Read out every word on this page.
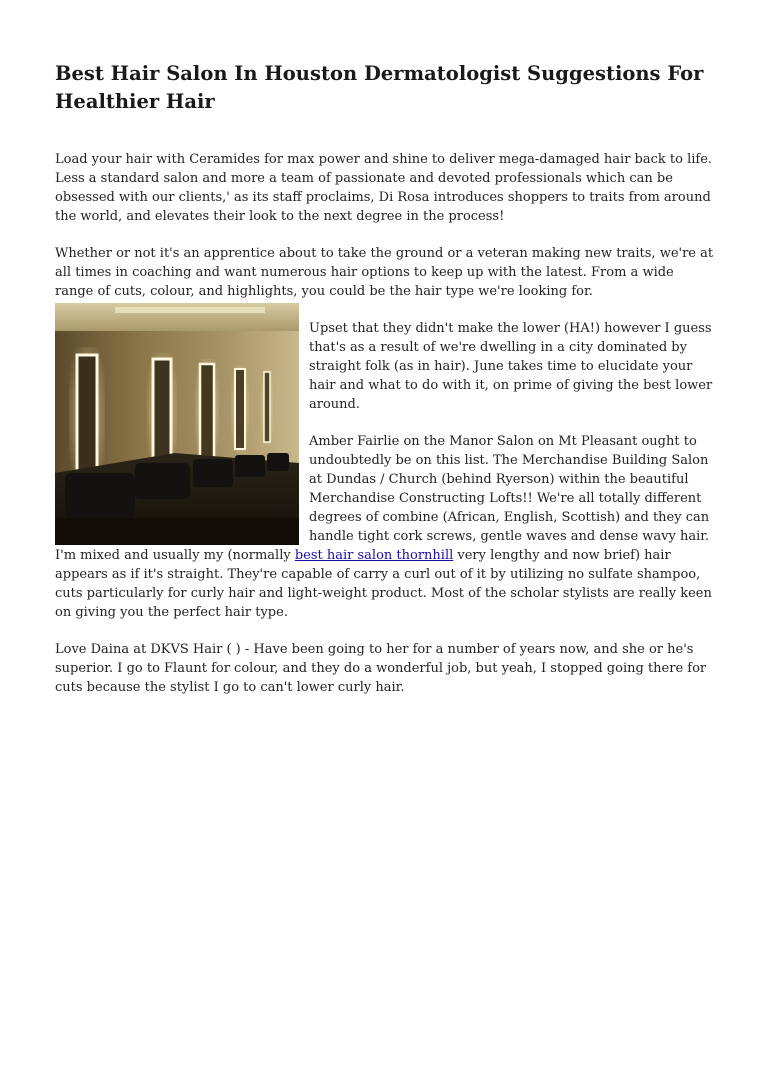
Best Hair Salon In Houston Dermatologist Suggestions For Healthier Hair

Load your hair with Ceramides for max power and shine to deliver mega-damaged hair back to life. Less a standard salon and more a team of passionate and devoted professionals which can be obsessed with our clients,' as its staff proclaims, Di Rosa introduces shoppers to traits from around the world, and elevates their look to the next degree in the process!

Whether or not it's an apprentice about to take the ground or a veteran making new traits, we're at all times in coaching and want numerous hair options to keep up with the latest. From a wide range of cuts, colour, and highlights, you could be the hair type we're looking for.

Upset that they didn't make the lower (HA!) however I guess that's as a result of we're dwelling in a city dominated by straight folk (as in hair). June takes time to elucidate your hair and what to do with it, on prime of giving the best lower around.

Amber Fairlie on the Manor Salon on Mt Pleasant ought to undoubtedly be on this list. The Merchandise Building Salon at Dundas / Church (behind Ryerson) within the beautiful Merchandise Constructing Lofts!! We're all totally different degrees of combine (African, English, Scottish) and they can handle tight cork screws, gentle waves and dense wavy hair. I'm mixed and usually my (normally best hair salon thornhill very lengthy and now brief) hair appears as if it's straight. They're capable of carry a curl out of it by utilizing no sulfate shampoo, cuts particularly for curly hair and light-weight product. Most of the scholar stylists are really keen on giving you the perfect hair type.

Love Daina at DKVS Hair ( ) - Have been going to her for a number of years now, and she or he's superior. I go to Flaunt for colour, and they do a wonderful job, but yeah, I stopped going there for cuts because the stylist I go to can't lower curly hair.
